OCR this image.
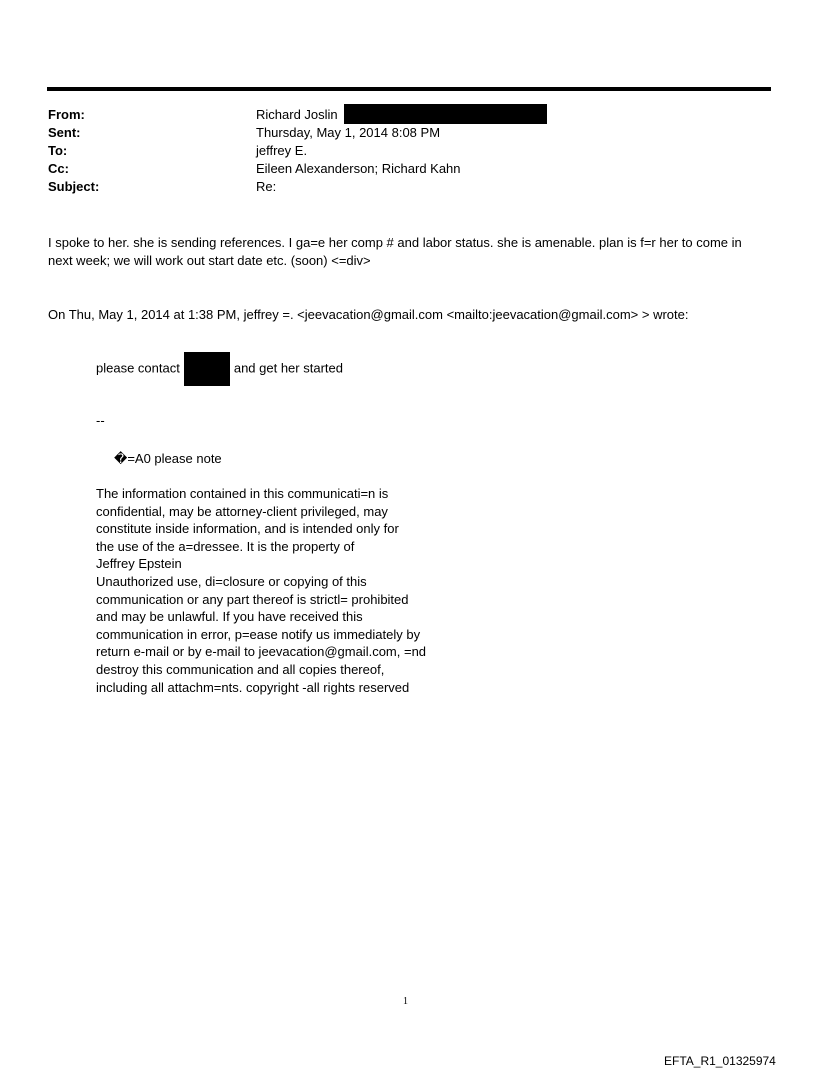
From:	Richard Joslin
Sent:	Thursday, May 1, 2014 8:08 PM
To:	jeffrey E.
Cc:	Eileen Alexanderson; Richard Kahn
Subject:	Re:
I spoke to her. she is sending references. I ga=e her comp # and labor status. she is amenable. plan is f=r her to come in
next week; we will work out start date etc. (soon) <=div>
On Thu, May 1, 2014 at 1:38 PM, jeffrey =. <jeevacation@gmail.com <mailto:jeevacation@gmail.com> > wrote:
please contact	and get her started
--
�=A0 please note
The information contained in this communicati=n is
confidential, may be attorney-client privileged, may
constitute inside information, and is intended only for
the use of the a=dressee. It is the property of
Jeffrey Epstein
Unauthorized use, di=closure or copying of this
communication or any part thereof is strictl= prohibited
and may be unlawful. If you have received this
communication in error, p=ease notify us immediately by
return e-mail or by e-mail to jeevacation@gmail.com, =nd
destroy this communication and all copies thereof,
including all attachm=nts. copyright -all rights reserved
1
EFTA_R1_01325974
